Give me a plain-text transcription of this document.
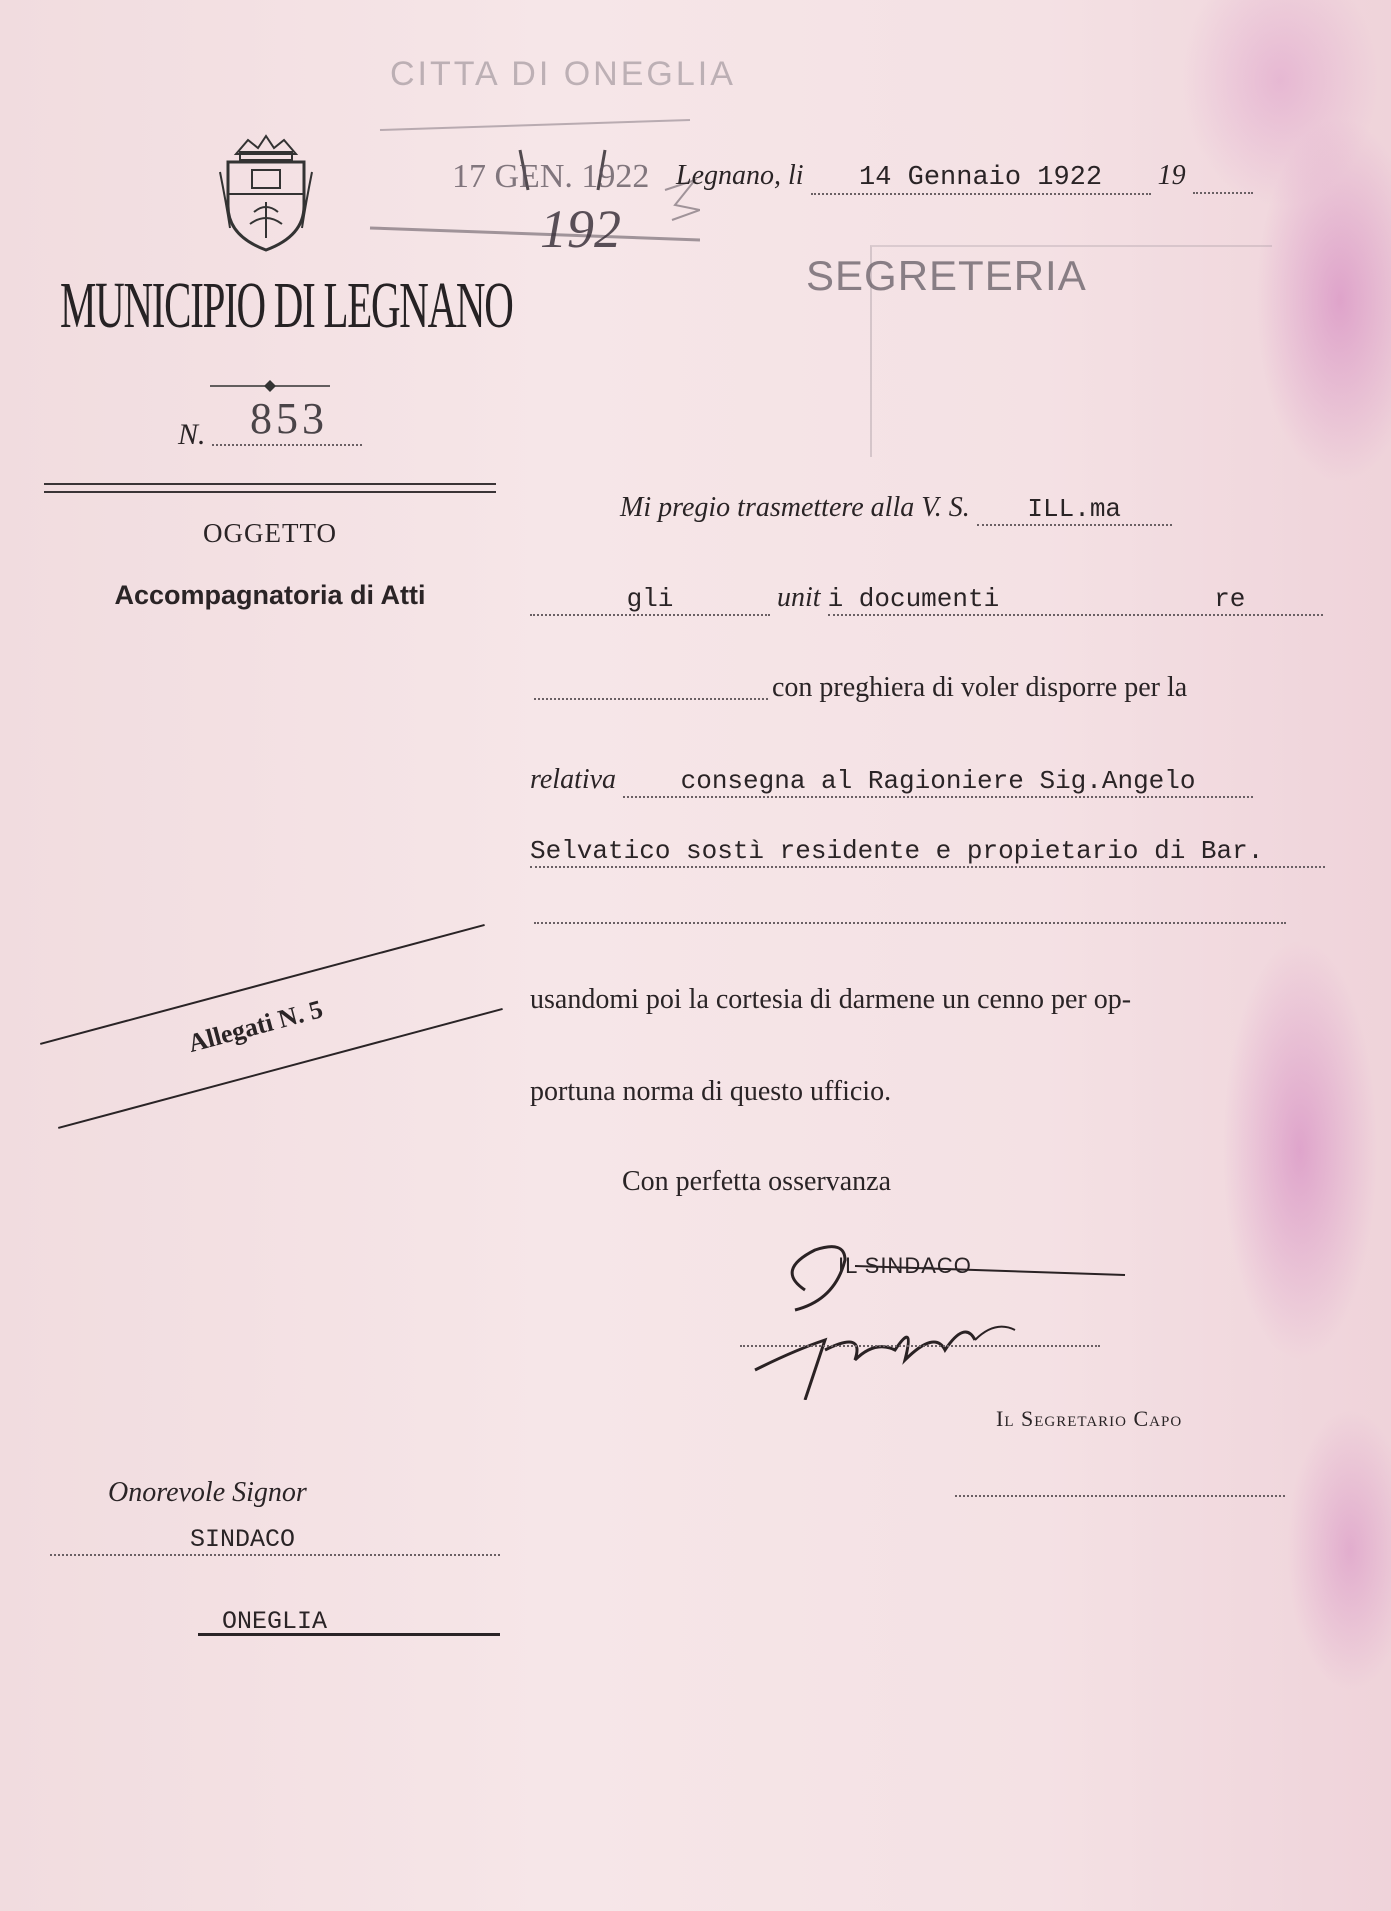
MUNICIPIO DI LEGNANO
N. 853
OGGETTO
Accompagnatoria di Atti
Allegati N. 5
Onorevole Signor
SINDACO
ONEGLIA
CITTA DI ONEGLIA
17 GEN. 1922
192
SEGRETERIA
Legnano, li 14 Gennaio 1922 19
Mi pregio trasmettere alla V. S. ILL.ma
gli	unit i documenti	re
con preghiera di voler disporre per la
relativa consegna al Ragioniere Sig.Angelo
Selvatico sostì residente e propietario di Bar.
usandomi poi la cortesia di darmene un cenno per op-
portuna norma di questo ufficio.
Con perfetta osservanza
IL SINDACO
Il Segretario Capo
